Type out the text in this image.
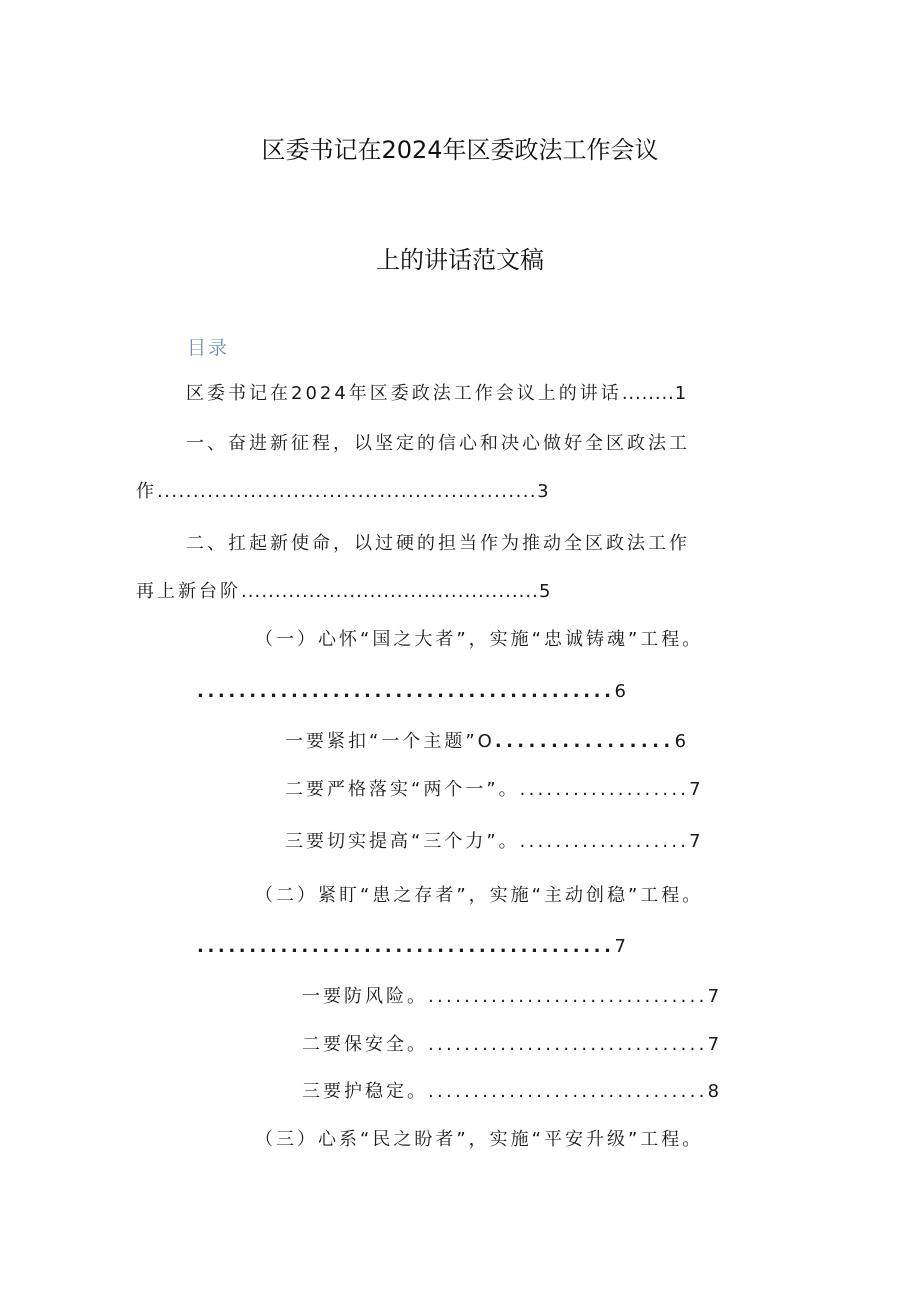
区委书记在2024年区委政法工作会议
上的讲话范文稿
目录
区委书记在2024年区委政法工作会议上的讲话........1
一、奋进新征程，以坚定的信心和决心做好全区政法工
作.....................................................3
二、扛起新使命，以过硬的担当作为推动全区政法工作
再上新台阶............................................5
（一）心怀“国之大者”，实施“忠诚铸魂”工程。
........................................6
一要紧扣“一个主题”O................6
二要严格落实“两个一”。...................7
三要切实提高“三个力”。...................7
（二）紧盯“患之存者”，实施“主动创稳”工程。
........................................7
一要防风险。...............................7
二要保安全。...............................7
三要护稳定。...............................8
（三）心系“民之盼者”，实施“平安升级”工程。
